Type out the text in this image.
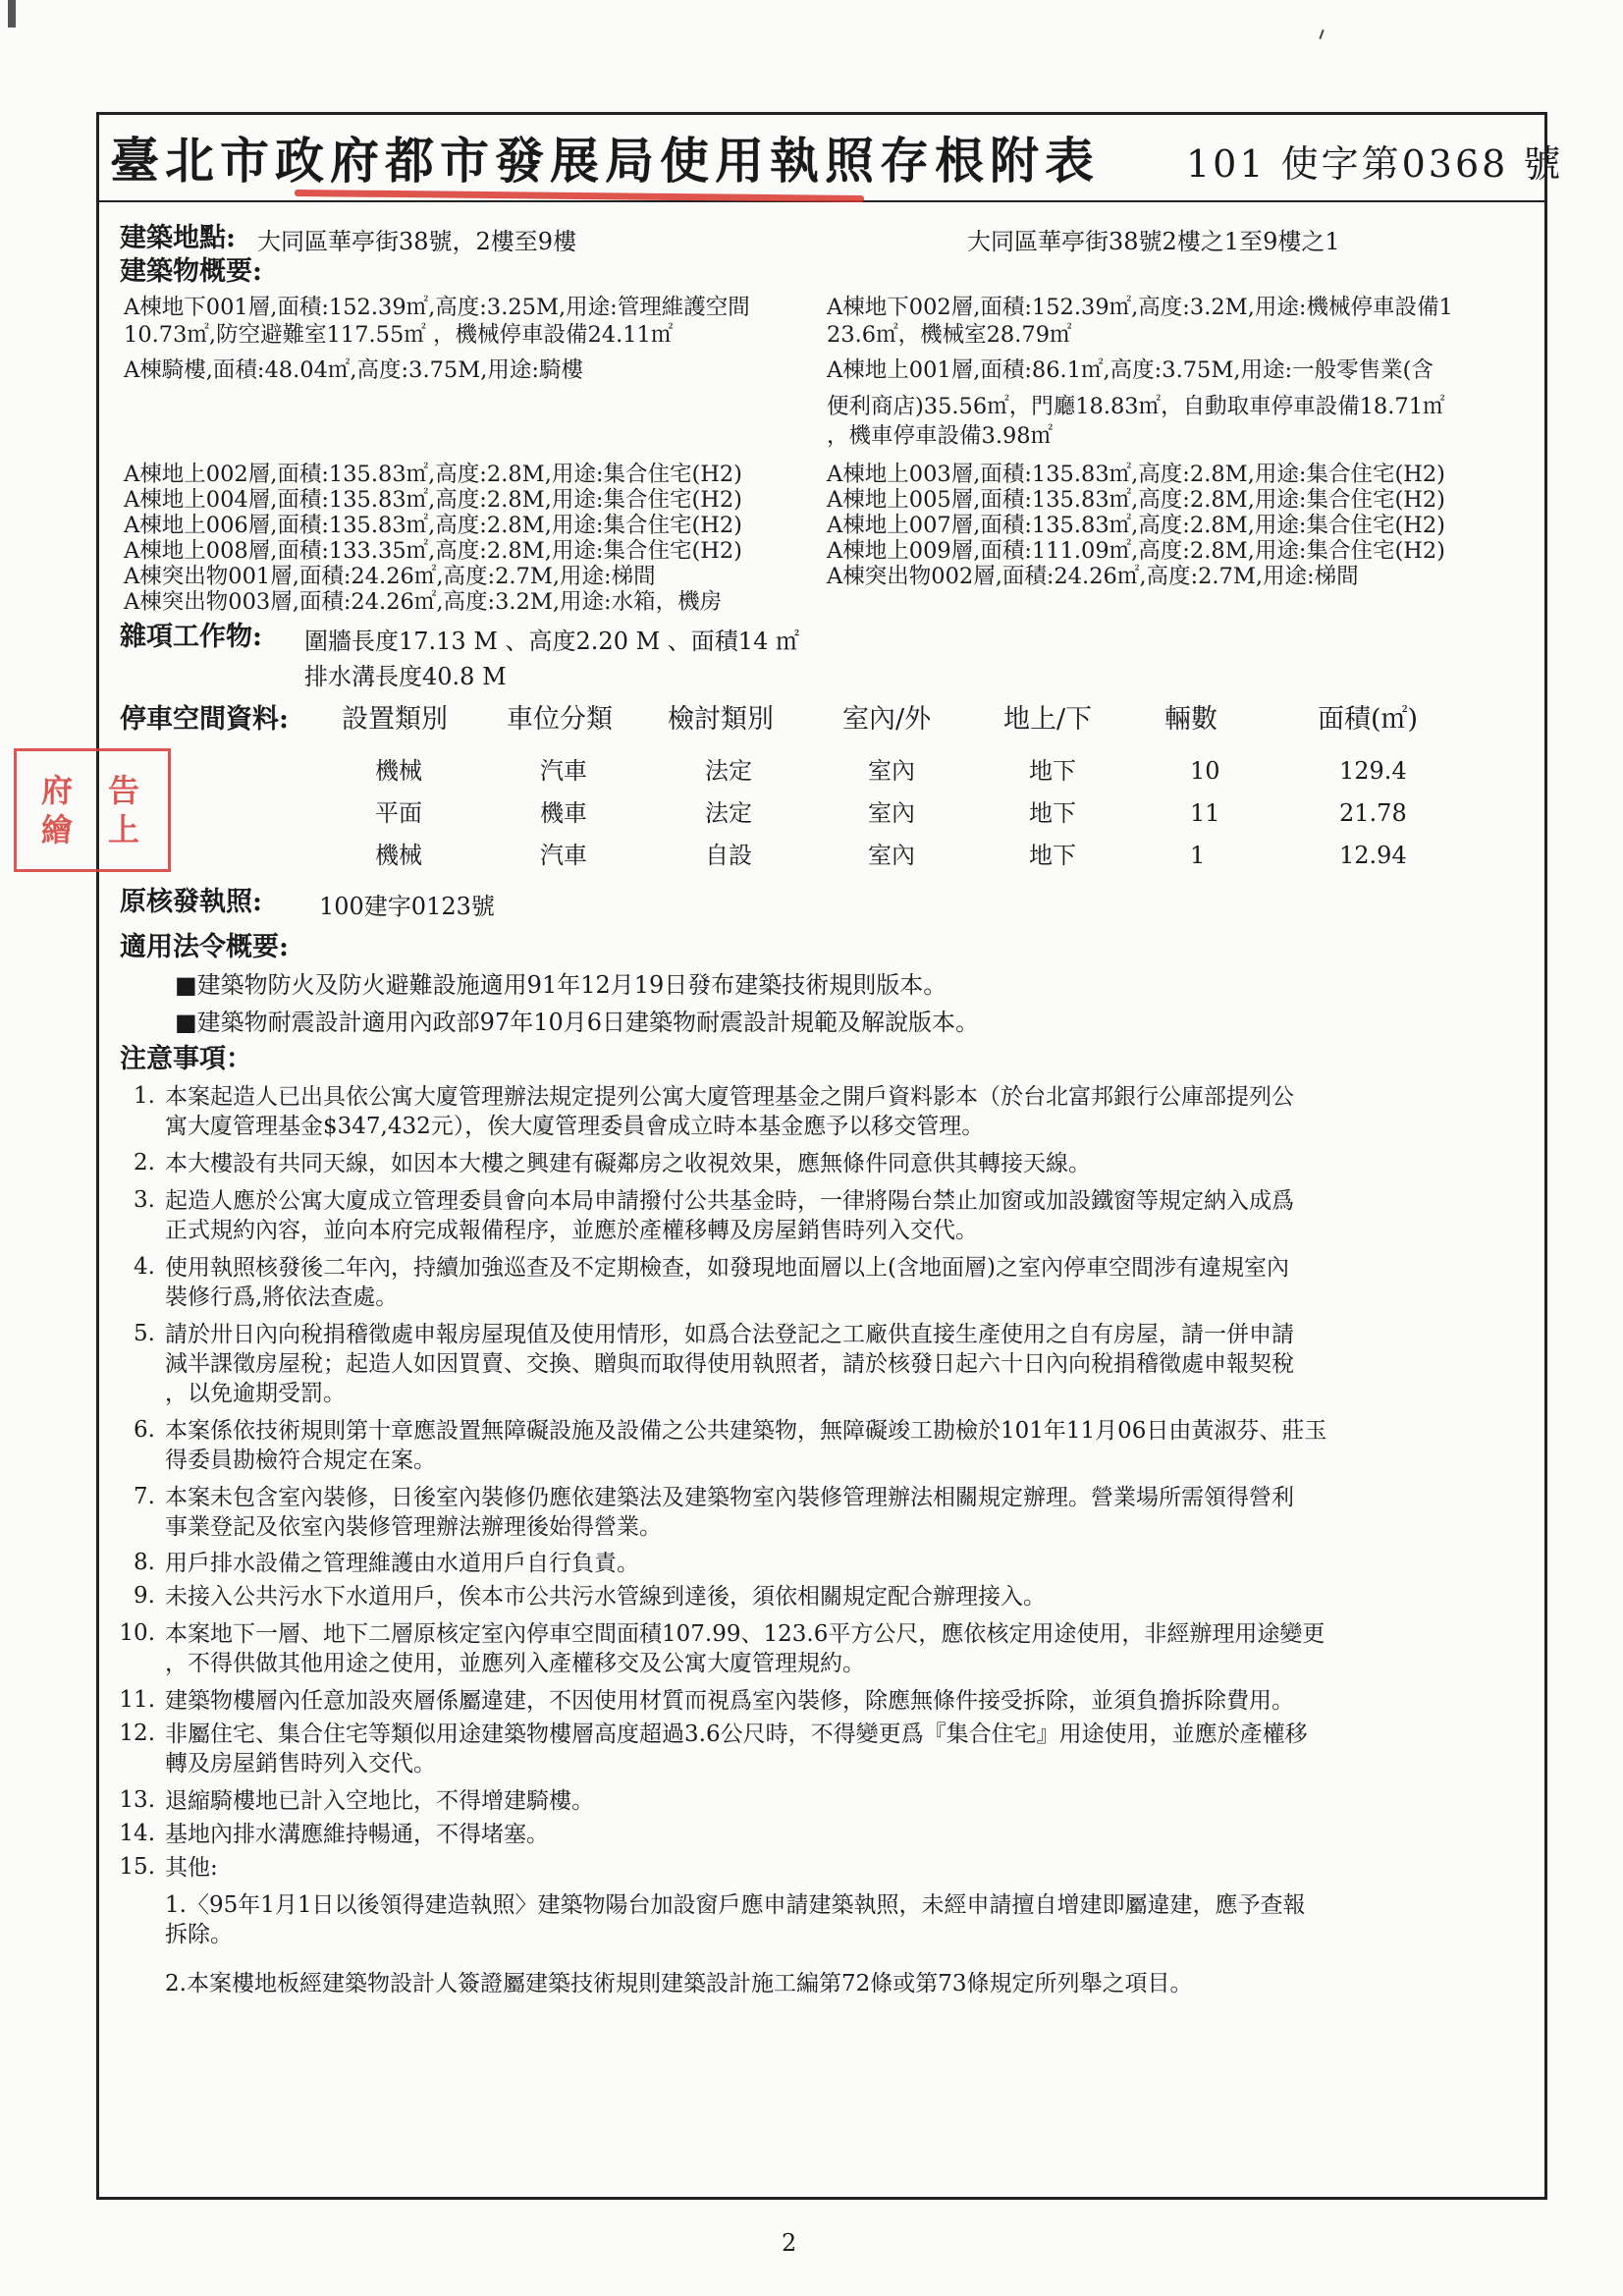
臺北市政府都市發展局使用執照存根附表 101 使字第0368 號
建築地點: 大同區華亭街38號，2樓至9樓	大同區華亭街38號2樓之1至9樓之1
建築物概要:
A棟地下001層,面積:152.39㎡,高度:3.25M,用途:管理維護空間
10.73㎡,防空避難室117.55㎡ ，機械停車設備24.11㎡
A棟騎樓,面積:48.04㎡,高度:3.75M,用途:騎樓
A棟地下002層,面積:152.39㎡,高度:3.2M,用途:機械停車設備1
23.6㎡，機械室28.79㎡
A棟地上001層,面積:86.1㎡,高度:3.75M,用途:一般零售業(含
便利商店)35.56㎡，門廳18.83㎡，自動取車停車設備18.71㎡
，機車停車設備3.98㎡
A棟地上002層,面積:135.83㎡,高度:2.8M,用途:集合住宅(H2)
A棟地上004層,面積:135.83㎡,高度:2.8M,用途:集合住宅(H2)
A棟地上006層,面積:135.83㎡,高度:2.8M,用途:集合住宅(H2)
A棟地上008層,面積:133.35㎡,高度:2.8M,用途:集合住宅(H2)
A棟突出物001層,面積:24.26㎡,高度:2.7M,用途:梯間
A棟突出物003層,面積:24.26㎡,高度:3.2M,用途:水箱，機房
A棟地上003層,面積:135.83㎡,高度:2.8M,用途:集合住宅(H2)
A棟地上005層,面積:135.83㎡,高度:2.8M,用途:集合住宅(H2)
A棟地上007層,面積:135.83㎡,高度:2.8M,用途:集合住宅(H2)
A棟地上009層,面積:111.09㎡,高度:2.8M,用途:集合住宅(H2)
A棟突出物002層,面積:24.26㎡,高度:2.7M,用途:梯間
雜項工作物: 圍牆長度17.13 M 、高度2.20 M 、面積14 ㎡
排水溝長度40.8 M
停車空間資料: 設置類別 車位分類 檢討類別	室內/外	地上/下	輛數	面積(㎡)
機械	汽車	法定	室內	地下	10	129.4
平面	機車	法定	室內	地下	11	21.78
機械	汽車	自設	室內	地下	1	12.94
府 告
繪 上
原核發執照: 100建字0123號
適用法令概要:
■建築物防火及防火避難設施適用91年12月19日發布建築技術規則版本。
■建築物耐震設計適用內政部97年10月6日建築物耐震設計規範及解說版本。
注意事項：
1. 本案起造人已出具依公寓大廈管理辦法規定提列公寓大廈管理基金之開戶資料影本（於台北富邦銀行公庫部提列公
寓大廈管理基金$347,432元），俟大廈管理委員會成立時本基金應予以移交管理。
2. 本大樓設有共同天線，如因本大樓之興建有礙鄰房之收視效果，應無條件同意供其轉接天線。
3. 起造人應於公寓大廈成立管理委員會向本局申請撥付公共基金時，一律將陽台禁止加窗或加設鐵窗等規定納入成爲
正式規約內容，並向本府完成報備程序，並應於產權移轉及房屋銷售時列入交代。
4. 使用執照核發後二年內，持續加強巡查及不定期檢查，如發現地面層以上(含地面層)之室內停車空間涉有違規室內
裝修行爲,將依法查處。
5. 請於卅日內向稅捐稽徵處申報房屋現值及使用情形，如爲合法登記之工廠供直接生產使用之自有房屋，請一併申請
減半課徵房屋稅；起造人如因買賣、交換、贈與而取得使用執照者，請於核發日起六十日內向稅捐稽徵處申報契稅
，以免逾期受罰。
6. 本案係依技術規則第十章應設置無障礙設施及設備之公共建築物，無障礙竣工勘檢於101年11月06日由黃淑芬、莊玉
得委員勘檢符合規定在案。
7. 本案未包含室內裝修，日後室內裝修仍應依建築法及建築物室內裝修管理辦法相關規定辦理。營業場所需領得營利
事業登記及依室內裝修管理辦法辦理後始得營業。
8. 用戶排水設備之管理維護由水道用戶自行負責。
9. 未接入公共污水下水道用戶，俟本市公共污水管線到達後，須依相關規定配合辦理接入。
10. 本案地下一層、地下二層原核定室內停車空間面積107.99、123.6平方公尺，應依核定用途使用，非經辦理用途變更
，不得供做其他用途之使用，並應列入產權移交及公寓大廈管理規約。
11. 建築物樓層內任意加設夾層係屬違建，不因使用材質而視爲室內裝修，除應無條件接受拆除，並須負擔拆除費用。
12. 非屬住宅、集合住宅等類似用途建築物樓層高度超過3.6公尺時，不得變更爲『集合住宅』用途使用，並應於產權移
轉及房屋銷售時列入交代。
13. 退縮騎樓地已計入空地比，不得增建騎樓。
14. 基地內排水溝應維持暢通，不得堵塞。
15. 其他:
1.〈95年1月1日以後領得建造執照〉建築物陽台加設窗戶應申請建築執照，未經申請擅自增建即屬違建，應予查報
拆除。
2.本案樓地板經建築物設計人簽證屬建築技術規則建築設計施工編第72條或第73條規定所列舉之項目。
2
